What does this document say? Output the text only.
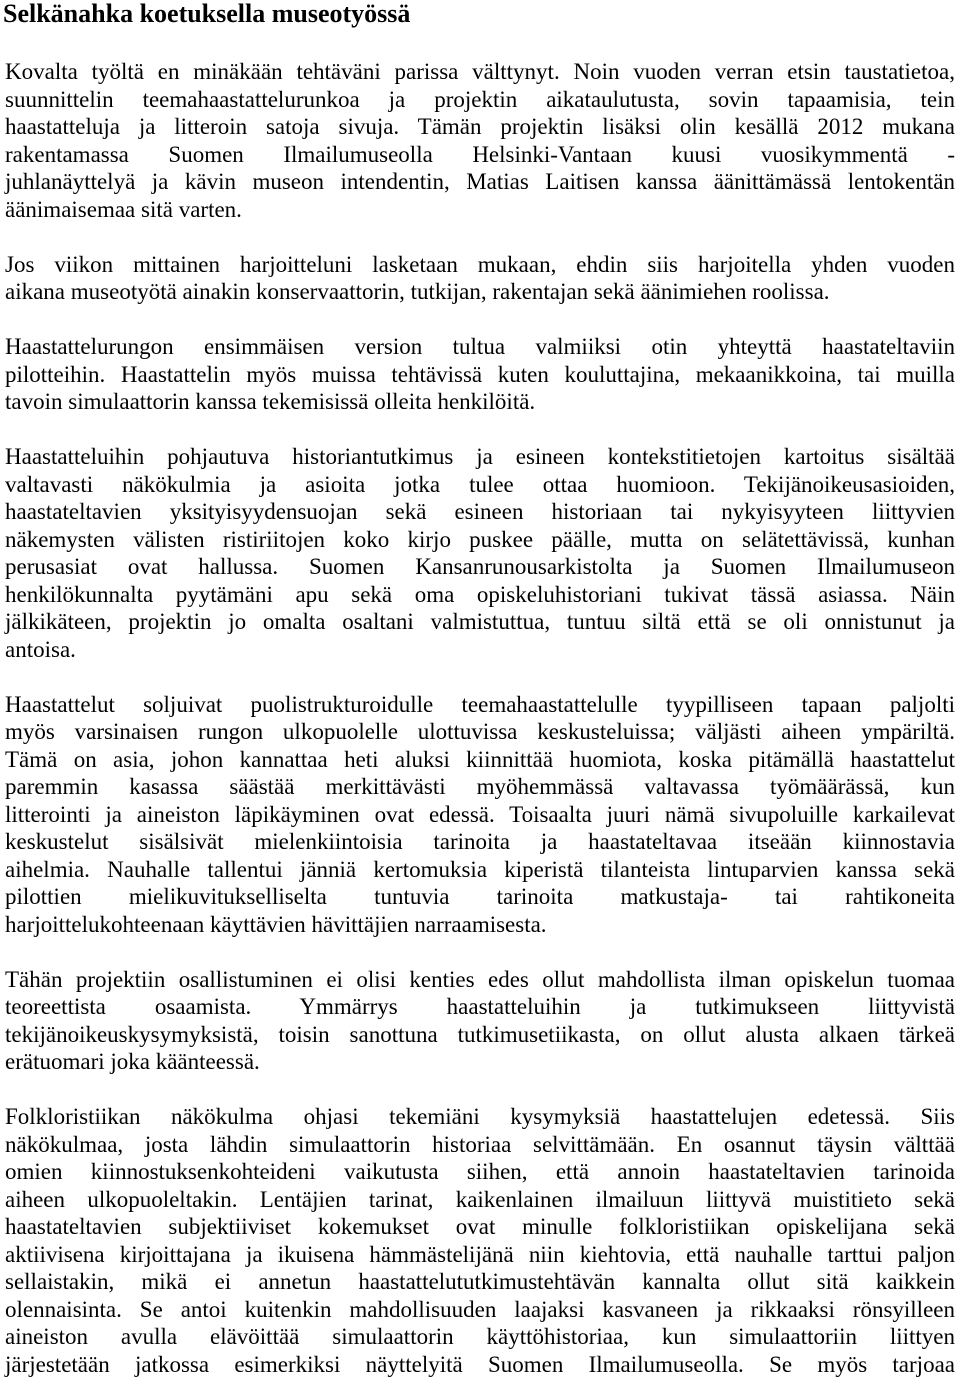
Selkänahka koetuksella museotyössä
Kovalta työltä en minäkään tehtäväni parissa välttynyt. Noin vuoden verran etsin taustatietoa,
suunnittelin teemahaastattelurunkoa ja projektin aikataulutusta, sovin tapaamisia, tein
haastatteluja ja litteroin satoja sivuja. Tämän projektin lisäksi olin kesällä 2012 mukana
rakentamassa Suomen Ilmailumuseolla Helsinki-Vantaan kuusi vuosikymmentä -
juhlanäyttelyä ja kävin museon intendentin, Matias Laitisen kanssa äänittämässä lentokentän
äänimaisemaa sitä varten.
Jos viikon mittainen harjoitteluni lasketaan mukaan, ehdin siis harjoitella yhden vuoden
aikana museotyötä ainakin konservaattorin, tutkijan, rakentajan sekä äänimiehen roolissa.
Haastattelurungon ensimmäisen version tultua valmiiksi otin yhteyttä haastateltaviin
pilotteihin. Haastattelin myös muissa tehtävissä kuten kouluttajina, mekaanikkoina, tai muilla
tavoin simulaattorin kanssa tekemisissä olleita henkilöitä.
Haastatteluihin pohjautuva historiantutkimus ja esineen kontekstitietojen kartoitus sisältää
valtavasti näkökulmia ja asioita jotka tulee ottaa huomioon. Tekijänoikeusasioiden,
haastateltavien yksityisyydensuojan sekä esineen historiaan tai nykyisyyteen liittyvien
näkemysten välisten ristiriitojen koko kirjo puskee päälle, mutta on selätettävissä, kunhan
perusasiat ovat hallussa. Suomen Kansanrunousarkistolta ja Suomen Ilmailumuseon
henkilökunnalta pyytämäni apu sekä oma opiskeluhistoriani tukivat tässä asiassa. Näin
jälkikäteen, projektin jo omalta osaltani valmistuttua, tuntuu siltä että se oli onnistunut ja
antoisa.
Haastattelut soljuivat puolistrukturoidulle teemahaastattelulle tyypilliseen tapaan paljolti
myös varsinaisen rungon ulkopuolelle ulottuvissa keskusteluissa; väljästi aiheen ympäriltä.
Tämä on asia, johon kannattaa heti aluksi kiinnittää huomiota, koska pitämällä haastattelut
paremmin kasassa säästää merkittävästi myöhemmässä valtavassa työmäärässä, kun
litterointi ja aineiston läpikäyminen ovat edessä. Toisaalta juuri nämä sivupoluille karkailevat
keskustelut sisälsivät mielenkiintoisia tarinoita ja haastateltavaa itseään kiinnostavia
aihelmia. Nauhalle tallentui jänniä kertomuksia kiperistä tilanteista lintuparvien kanssa sekä
pilottien mielikuvitukselliselta tuntuvia tarinoita matkustaja- tai rahtikoneita
harjoittelukohteenaan käyttävien hävittäjien narraamisesta.
Tähän projektiin osallistuminen ei olisi kenties edes ollut mahdollista ilman opiskelun tuomaa
teoreettista osaamista. Ymmärrys haastatteluihin ja tutkimukseen liittyvistä
tekijänoikeuskysymyksistä, toisin sanottuna tutkimusetiikasta, on ollut alusta alkaen tärkeä
erätuomari joka käänteessä.
Folkloristiikan näkökulma ohjasi tekemiäni kysymyksiä haastattelujen edetessä. Siis
näkökulmaa, josta lähdin simulaattorin historiaa selvittämään. En osannut täysin välttää
omien kiinnostuksenkohteideni vaikutusta siihen, että annoin haastateltavien tarinoida
aiheen ulkopuoleltakin. Lentäjien tarinat, kaikenlainen ilmailuun liittyvä muistitieto sekä
haastateltavien subjektiiviset kokemukset ovat minulle folkloristiikan opiskelijana sekä
aktiivisena kirjoittajana ja ikuisena hämmästelijänä niin kiehtovia, että nauhalle tarttui paljon
sellaistakin, mikä ei annetun haastattelututkimustehtävän kannalta ollut sitä kaikkein
olennaisinta. Se antoi kuitenkin mahdollisuuden laajaksi kasvaneen ja rikkaaksi rönsyilleen
aineiston avulla elävöittää simulaattorin käyttöhistoriaa, kun simulaattoriin liittyen
järjestetään jatkossa esimerkiksi näyttelyitä Suomen Ilmailumuseolla. Se myös tarjoaa
